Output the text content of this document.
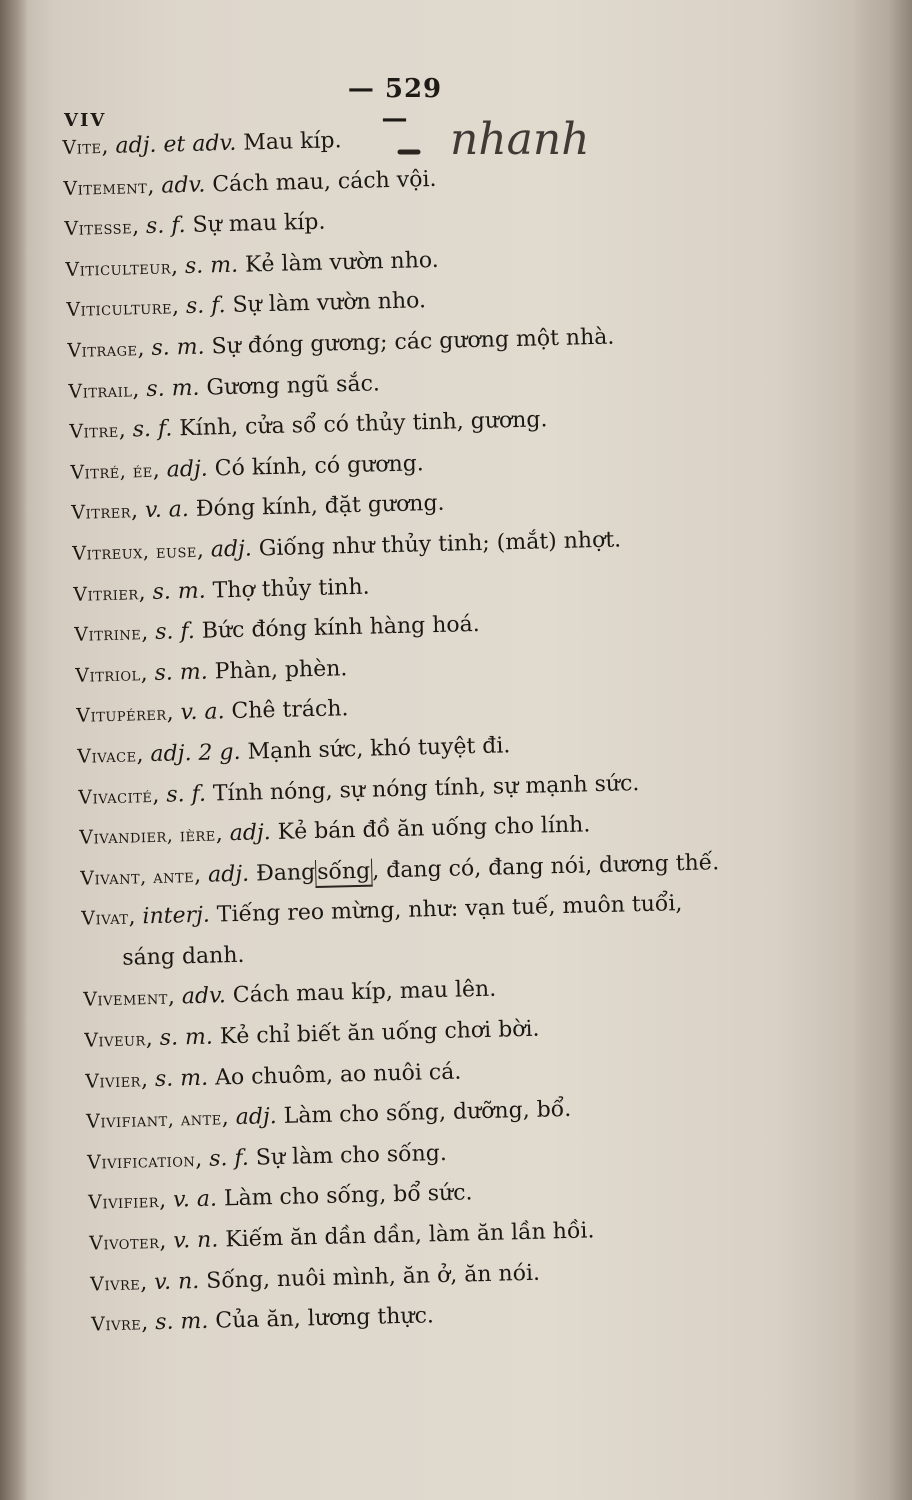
— 529 —
VIV	nhanh
Vite, adj. et adv. Mau kíp.
Vitement, adv. Cách mau, cách vội.
Vitesse, s. f. Sự mau kíp.
Viticulteur, s. m. Kẻ làm vườn nho.
Viticulture, s. f. Sự làm vườn nho.
Vitrage, s. m. Sự đóng gương; các gương một nhà.
Vitrail, s. m. Gương ngũ sắc.
Vitre, s. f. Kính, cửa sổ có thủy tinh, gương.
Vitré, ée, adj. Có kính, có gương.
Vitrer, v. a. Đóng kính, đặt gương.
Vitreux, euse, adj. Giống như thủy tinh; (mắt) nhợt.
Vitrier, s. m. Thợ thủy tinh.
Vitrine, s. f. Bức đóng kính hàng hoá.
Vitriol, s. m. Phàn, phèn.
Vitupérer, v. a. Chê trách.
Vivace, adj. 2 g. Mạnh sức, khó tuyệt đi.
Vivacité, s. f. Tính nóng, sự nóng tính, sự mạnh sức.
Vivandier, ière, adj. Kẻ bán đồ ăn uống cho lính.
Vivant, ante, adj. Đangsống, đang có, đang nói, dương thế.
Vivat, interj. Tiếng reo mừng, như: vạn tuế, muôn tuổi,
sáng danh.
Vivement, adv. Cách mau kíp, mau lên.
Viveur, s. m. Kẻ chỉ biết ăn uống chơi bời.
Vivier, s. m. Ao chuôm, ao nuôi cá.
Vivifiant, ante, adj. Làm cho sống, dưỡng, bổ.
Vivification, s. f. Sự làm cho sống.
Vivifier, v. a. Làm cho sống, bổ sức.
Vivoter, v. n. Kiếm ăn dần dần, làm ăn lần hồi.
Vivre, v. n. Sống, nuôi mình, ăn ở, ăn nói.
Vivre, s. m. Của ăn, lương thực.
